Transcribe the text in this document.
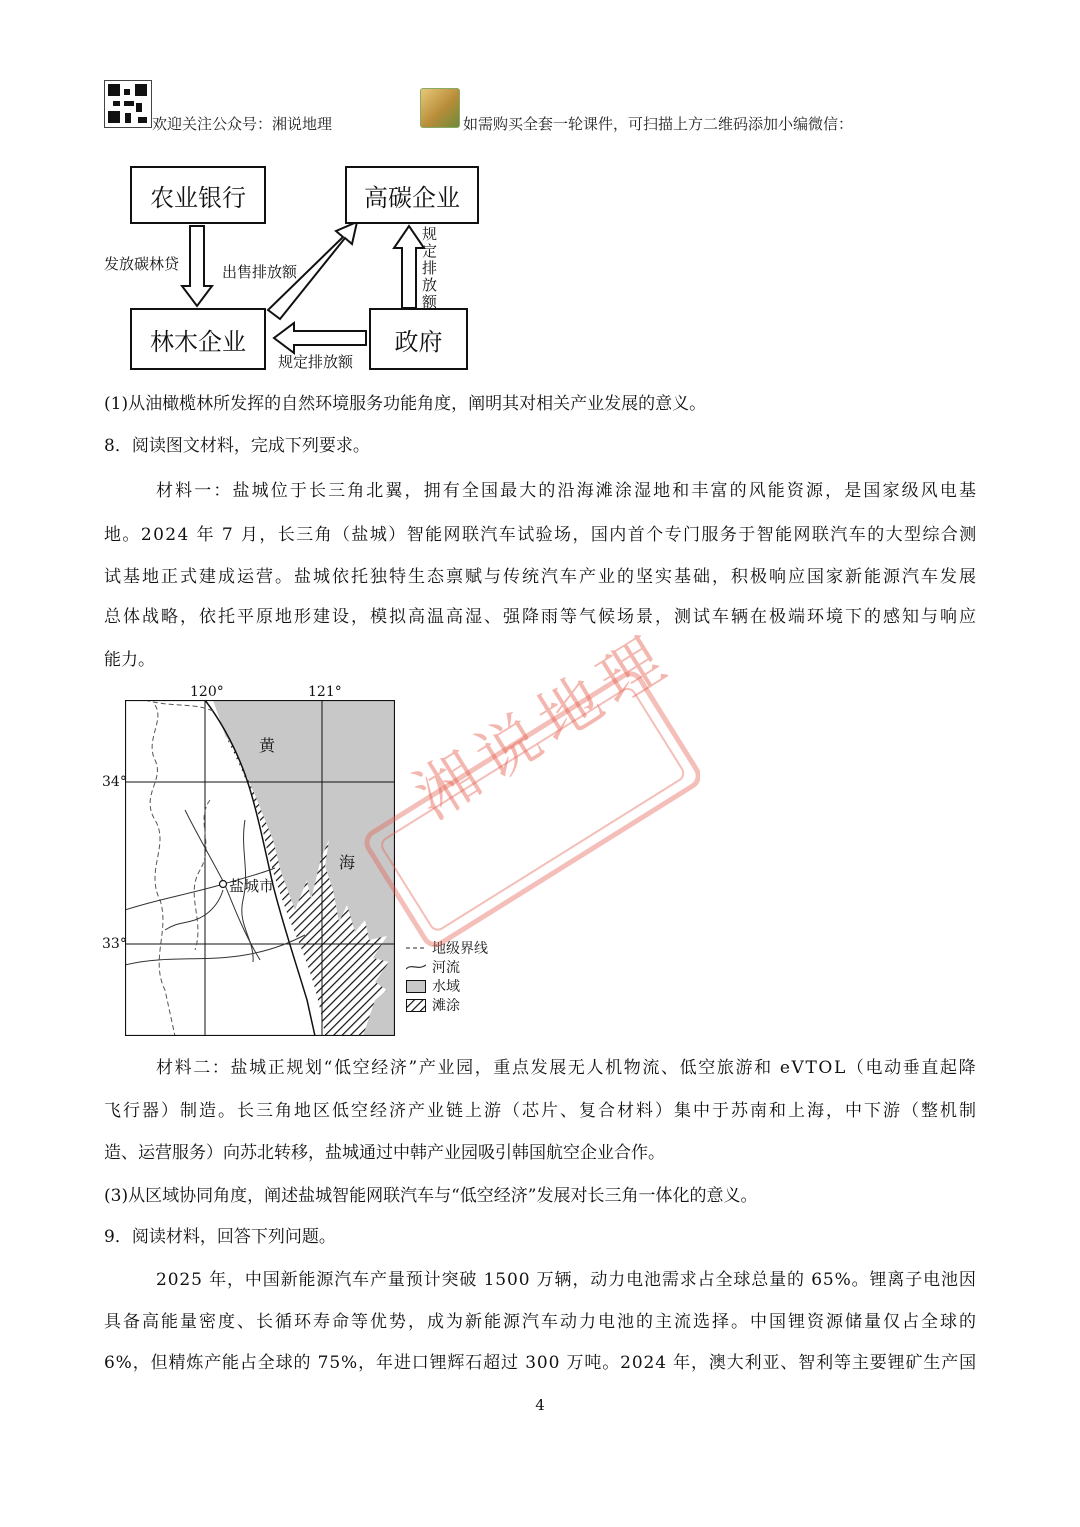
欢迎关注公众号：湘说地理	如需购买全套一轮课件，可扫描上方二维码添加小编微信：
农业银行	高碳企业
林木企业	政府
发放碳林贷	出售排放额
规定排放额
规定排放额
(1)从油橄榄林所发挥的自然环境服务功能角度，阐明其对相关产业发展的意义。
8．阅读图文材料，完成下列要求。
材料一：盐城位于长三角北翼，拥有全国最大的沿海滩涂湿地和丰富的风能资源，是国家级风电基
地。2024 年 7 月，长三角（盐城）智能网联汽车试验场，国内首个专门服务于智能网联汽车的大型综合测
试基地正式建成运营。盐城依托独特生态禀赋与传统汽车产业的坚实基础，积极响应国家新能源汽车发展
总体战略，依托平原地形建设，模拟高温高湿、强降雨等气候场景，测试车辆在极端环境下的感知与响应
能力。
120°	121°
34°
33°
黄
海
盐城市
地级界线
河流
水域
滩涂
湘说地理
材料二：盐城正规划“低空经济”产业园，重点发展无人机物流、低空旅游和 eVTOL（电动垂直起降
飞行器）制造。长三角地区低空经济产业链上游（芯片、复合材料）集中于苏南和上海，中下游（整机制
造、运营服务）向苏北转移，盐城通过中韩产业园吸引韩国航空企业合作。
(3)从区域协同角度，阐述盐城智能网联汽车与“低空经济”发展对长三角一体化的意义。
9．阅读材料，回答下列问题。
2025 年，中国新能源汽车产量预计突破 1500 万辆，动力电池需求占全球总量的 65%。锂离子电池因
具备高能量密度、长循环寿命等优势，成为新能源汽车动力电池的主流选择。中国锂资源储量仅占全球的
6%，但精炼产能占全球的 75%，年进口锂辉石超过 300 万吨。2024 年，澳大利亚、智利等主要锂矿生产国
4
